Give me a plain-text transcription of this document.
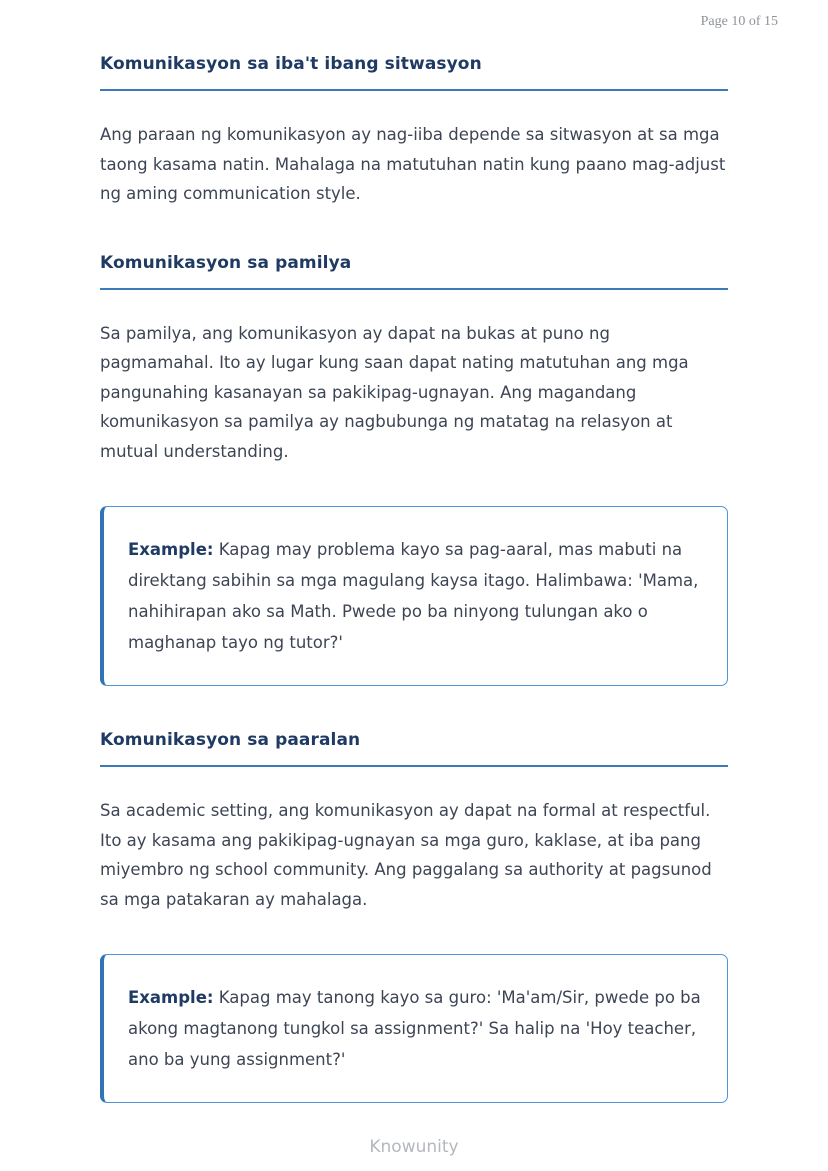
Page 10 of 15
Komunikasyon sa iba't ibang sitwasyon

Ang paraan ng komunikasyon ay nag-iiba depende sa sitwasyon at sa mga taong kasama natin. Mahalaga na matutuhan natin kung paano mag-adjust ng aming communication style.

Komunikasyon sa pamilya

Sa pamilya, ang komunikasyon ay dapat na bukas at puno ng pagmamahal. Ito ay lugar kung saan dapat nating matutuhan ang mga pangunahing kasanayan sa pakikipag-ugnayan. Ang magandang komunikasyon sa pamilya ay nagbubunga ng matatag na relasyon at mutual understanding.

Example: Kapag may problema kayo sa pag-aaral, mas mabuti na direktang sabihin sa mga magulang kaysa itago. Halimbawa: 'Mama, nahihirapan ako sa Math. Pwede po ba ninyong tulungan ako o maghanap tayo ng tutor?'
Komunikasyon sa paaralan

Sa academic setting, ang komunikasyon ay dapat na formal at respectful. Ito ay kasama ang pakikipag-ugnayan sa mga guro, kaklase, at iba pang miyembro ng school community. Ang paggalang sa authority at pagsunod sa mga patakaran ay mahalaga.

Example: Kapag may tanong kayo sa guro: 'Ma'am/Sir, pwede po ba akong magtanong tungkol sa assignment?' Sa halip na 'Hoy teacher, ano ba yung assignment?'
Knowunity
